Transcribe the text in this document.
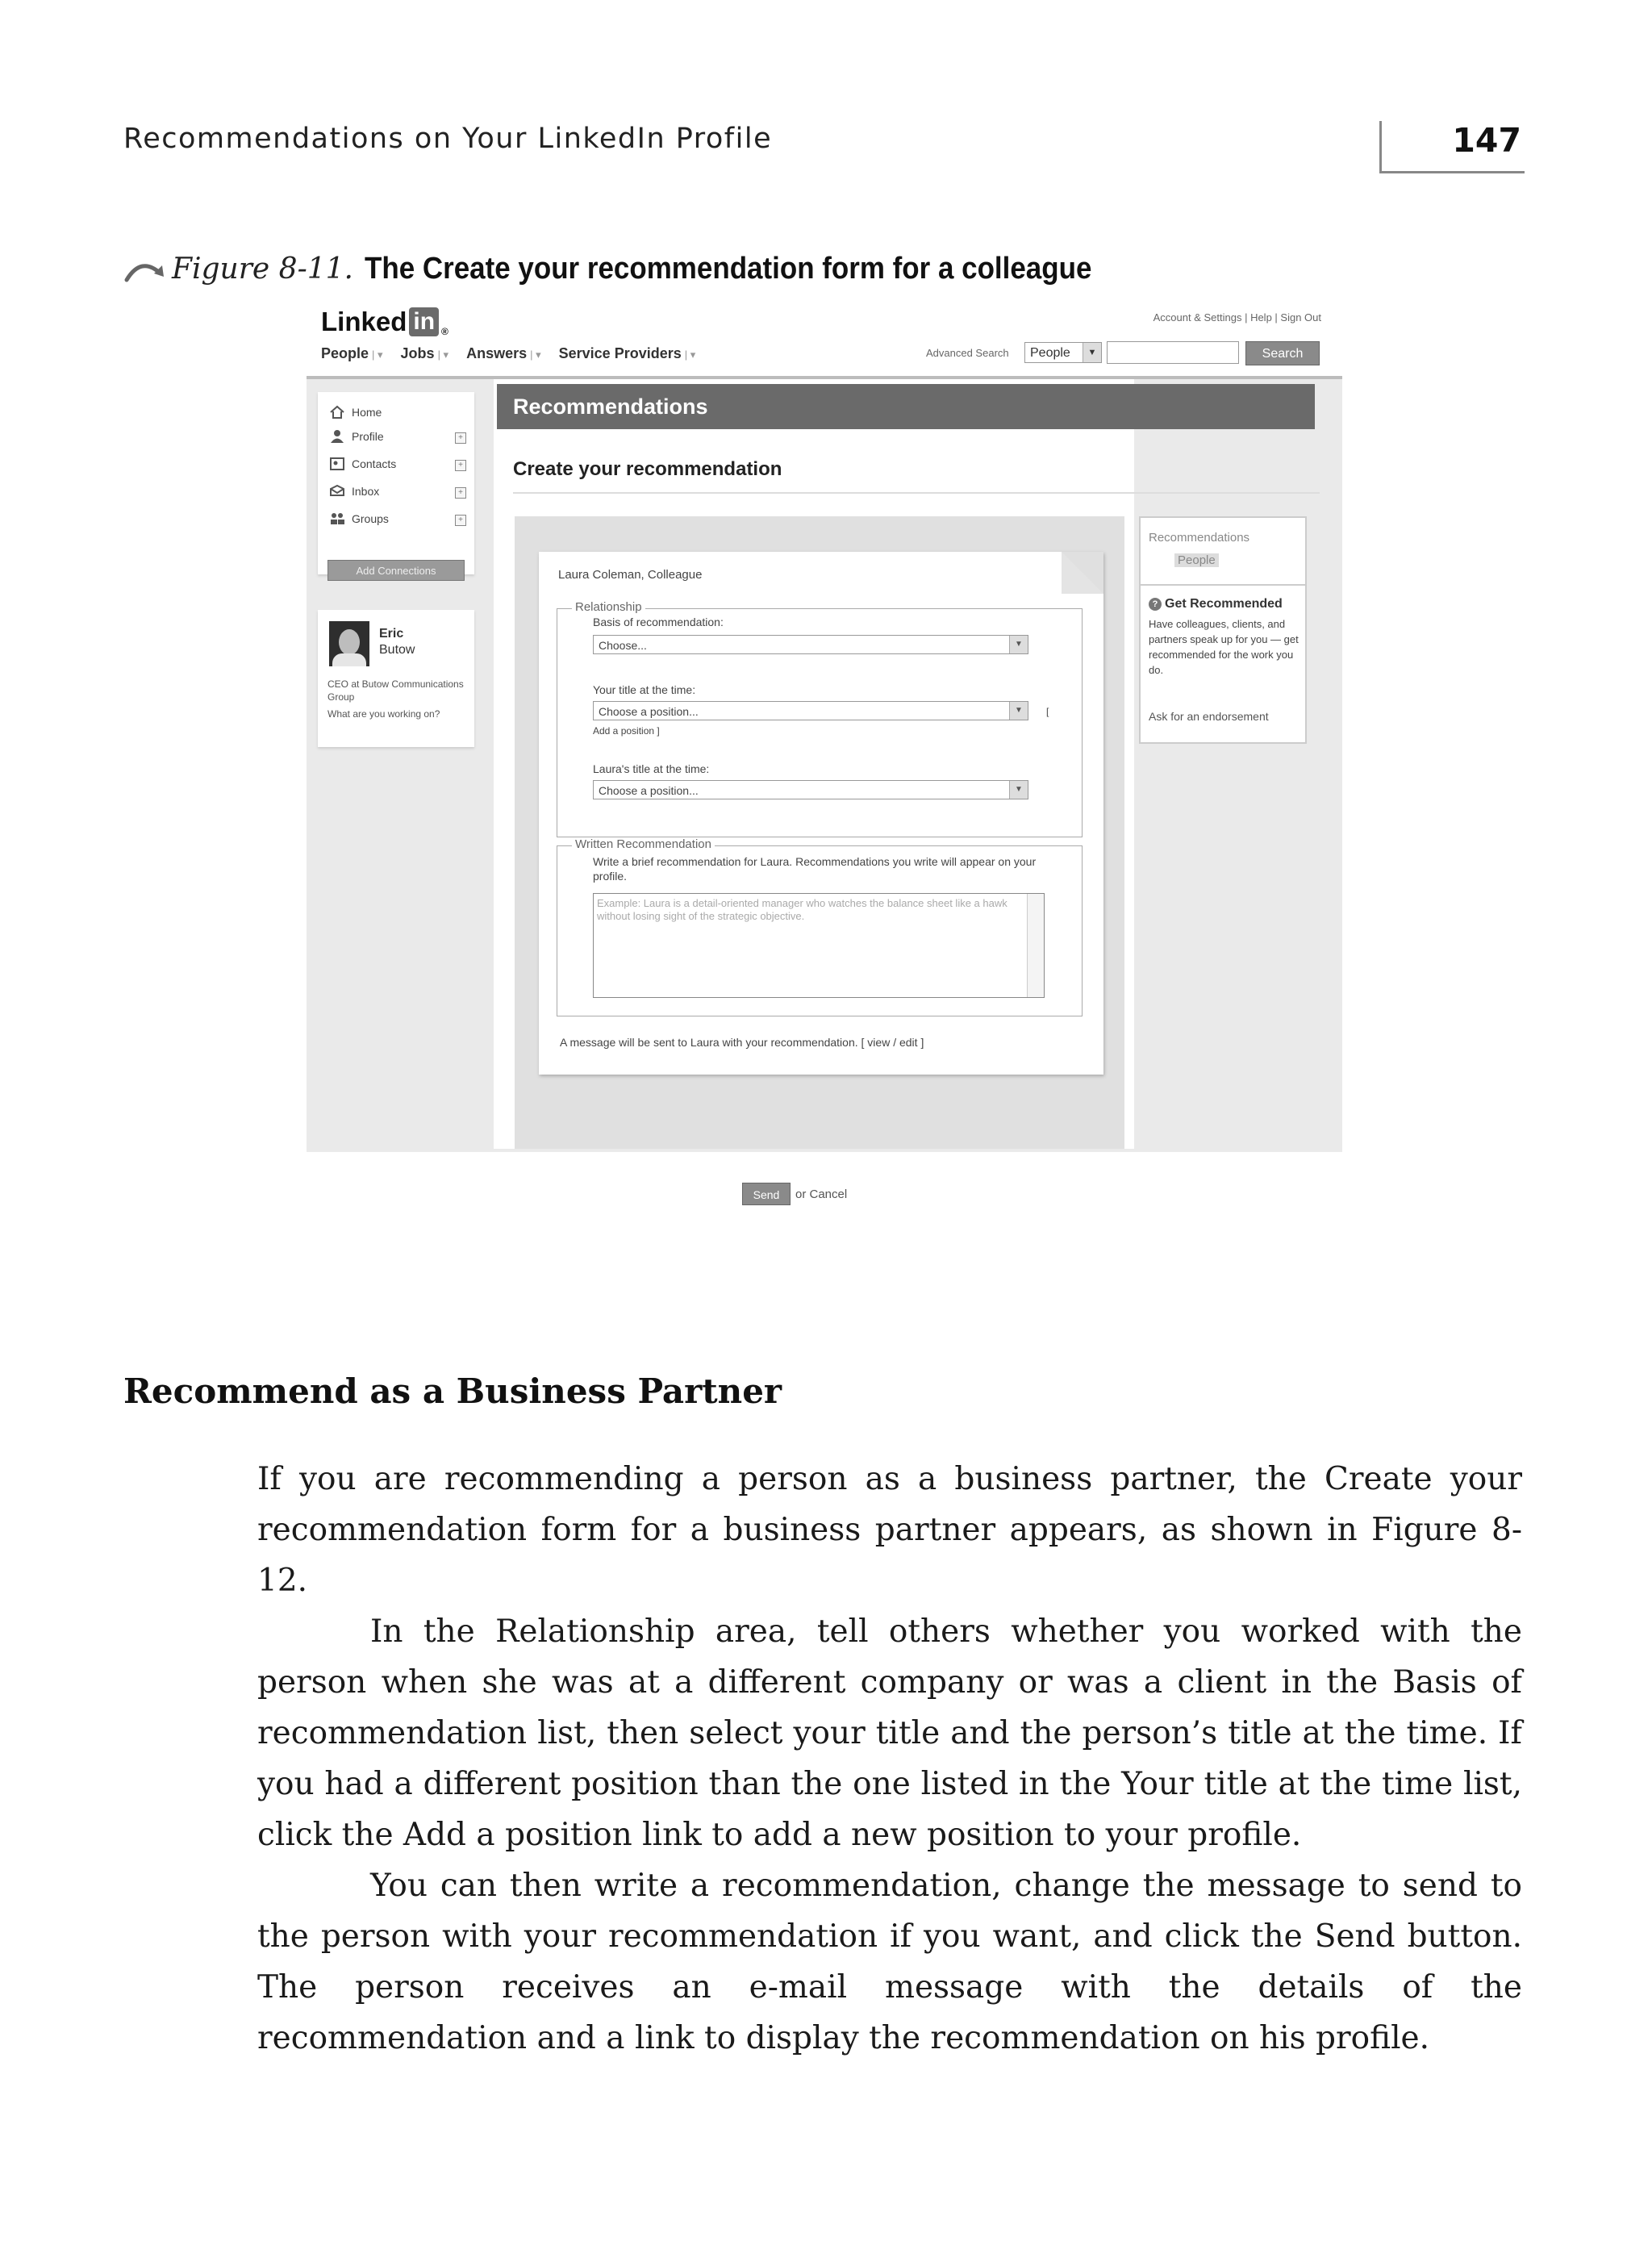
Recommendations on Your LinkedIn Profile	147
Figure 8-11. The Create your recommendation form for a colleague
Linked in ®
Account & Settings | Help | Sign Out
People | ▾ Jobs | ▾ Answers | ▾ Service Providers | ▾	Advanced Search	People	▼	Search
Home
Profile	+
Contacts	+
Inbox	+
Groups	+
Add Connections
Eric
Butow
CEO at Butow Communications Group
What are you working on?
Recommendations
Create your recommendation
Laura Coleman, Colleague
Relationship
Basis of recommendation:
Choose...	▼
Your title at the time:
Choose a position...	▼	[
Add a position ]
Laura's title at the time:
Choose a position...	▼
Written Recommendation
Write a brief recommendation for Laura. Recommendations you write will appear on your profile.
Example: Laura is a detail-oriented manager who watches the balance sheet like a hawk without losing sight of the strategic objective.
A message will be sent to Laura with your recommendation. [ view / edit ]
Send	or Cancel
Recommendations
People
? Get Recommended
Have colleagues, clients, and partners speak up for you — get recommended for the work you do.
Ask for an endorsement
Recommend as a Business Partner

If you are recommending a person as a business partner, the Create your recommendation form for a business partner appears, as shown in Figure 8-12.

In the Relationship area, tell others whether you worked with the person when she was at a different company or was a client in the Basis of recommendation list, then select your title and the person’s title at the time. If you had a different position than the one listed in the Your title at the time list, click the Add a position link to add a new position to your profile.

You can then write a recommendation, change the message to send to the person with your recommendation if you want, and click the Send button. The person receives an e-mail message with the details of the recommendation and a link to display the recommendation on his profile.
